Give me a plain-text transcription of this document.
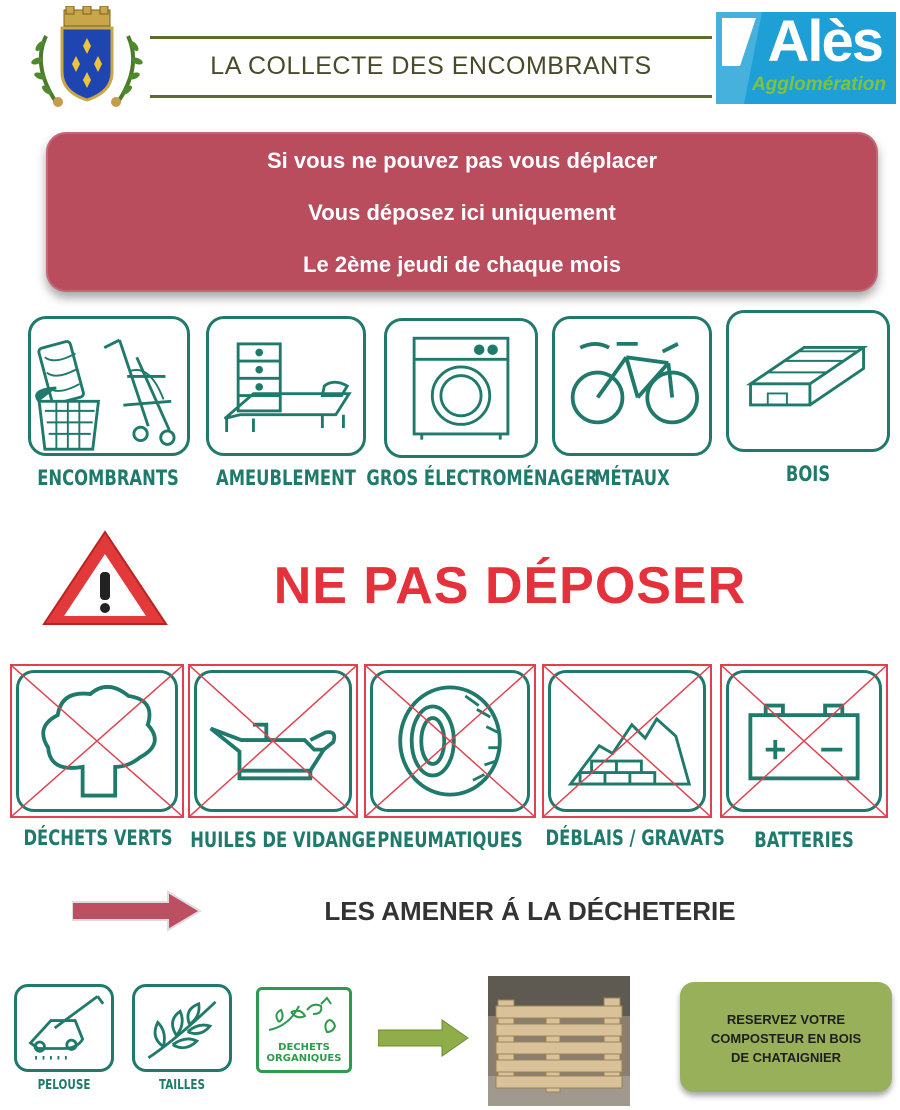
LA COLLECTE DES ENCOMBRANTS	Alès
Agglomération
Si vous ne pouvez pas vous déplacer
Vous déposez ici uniquement
Le 2ème jeudi de chaque mois
ENCOMBRANTS	AMEUBLEMENT GROS ÉLECTROMÉNAGER
MÉTAUX	BOIS
NE PAS DÉPOSER
DÉCHETS VERTS HUILES DE VIDANGE PNEUMATIQUES	DÉBLAIS / GRAVATS	BATTERIES
LES AMENER Á LA DÉCHETERIE
PELOUSE	TAILLES
DECHETS
ORGANIQUES
RESERVEZ VOTRE
COMPOSTEUR EN BOIS
DE CHATAIGNIER
